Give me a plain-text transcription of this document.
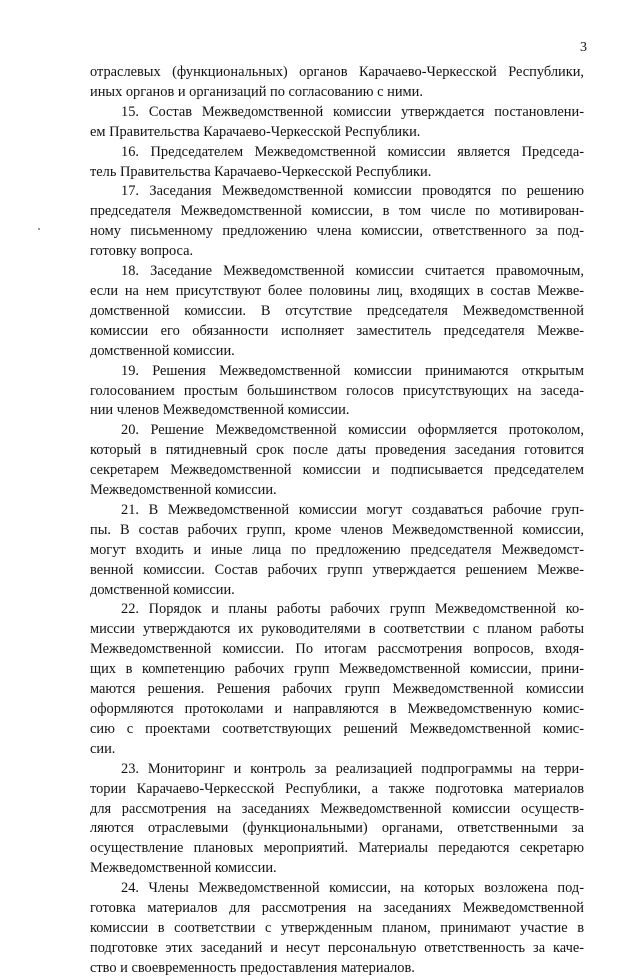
3
отраслевых (функциональных) органов Карачаево-Черкесской Республики,
иных органов и организаций по согласованию с ними.
15. Состав Межведомственной комиссии утверждается постановлени-
ем Правительства Карачаево-Черкесской Республики.
16. Председателем Межведомственной комиссии является Председа-
тель Правительства Карачаево-Черкесской Республики.
17. Заседания Межведомственной комиссии проводятся по решению
председателя Межведомственной комиссии, в том числе по мотивирован-
ному письменному предложению члена комиссии, ответственного за под-
готовку вопроса.
18. Заседание Межведомственной комиссии считается правомочным,
если на нем присутствуют более половины лиц, входящих в состав Межве-
домственной комиссии. В отсутствие председателя Межведомственной
комиссии его обязанности исполняет заместитель председателя Межве-
домственной комиссии.
19. Решения Межведомственной комиссии принимаются открытым
голосованием простым большинством голосов присутствующих на заседа-
нии членов Межведомственной комиссии.
20. Решение Межведомственной комиссии оформляется протоколом,
который в пятидневный срок после даты проведения заседания готовится
секретарем Межведомственной комиссии и подписывается председателем
Межведомственной комиссии.
21. В Межведомственной комиссии могут создаваться рабочие груп-
пы. В состав рабочих групп, кроме членов Межведомственной комиссии,
могут входить и иные лица по предложению председателя Межведомст-
венной комиссии. Состав рабочих групп утверждается решением Межве-
домственной комиссии.
22. Порядок и планы работы рабочих групп Межведомственной ко-
миссии утверждаются их руководителями в соответствии с планом работы
Межведомственной комиссии. По итогам рассмотрения вопросов, входя-
щих в компетенцию рабочих групп Межведомственной комиссии, прини-
маются решения. Решения рабочих групп Межведомственной комиссии
оформляются протоколами и направляются в Межведомственную комис-
сию с проектами соответствующих решений Межведомственной комис-
сии.
23. Мониторинг и контроль за реализацией подпрограммы на терри-
тории Карачаево-Черкесской Республики, а также подготовка материалов
для рассмотрения на заседаниях Межведомственной комиссии осуществ-
ляются отраслевыми (функциональными) органами, ответственными за
осуществление плановых мероприятий. Материалы передаются секретарю
Межведомственной комиссии.
24. Члены Межведомственной комиссии, на которых возложена под-
готовка материалов для рассмотрения на заседаниях Межведомственной
комиссии в соответствии с утвержденным планом, принимают участие в
подготовке этих заседаний и несут персональную ответственность за каче-
ство и своевременность предоставления материалов.
